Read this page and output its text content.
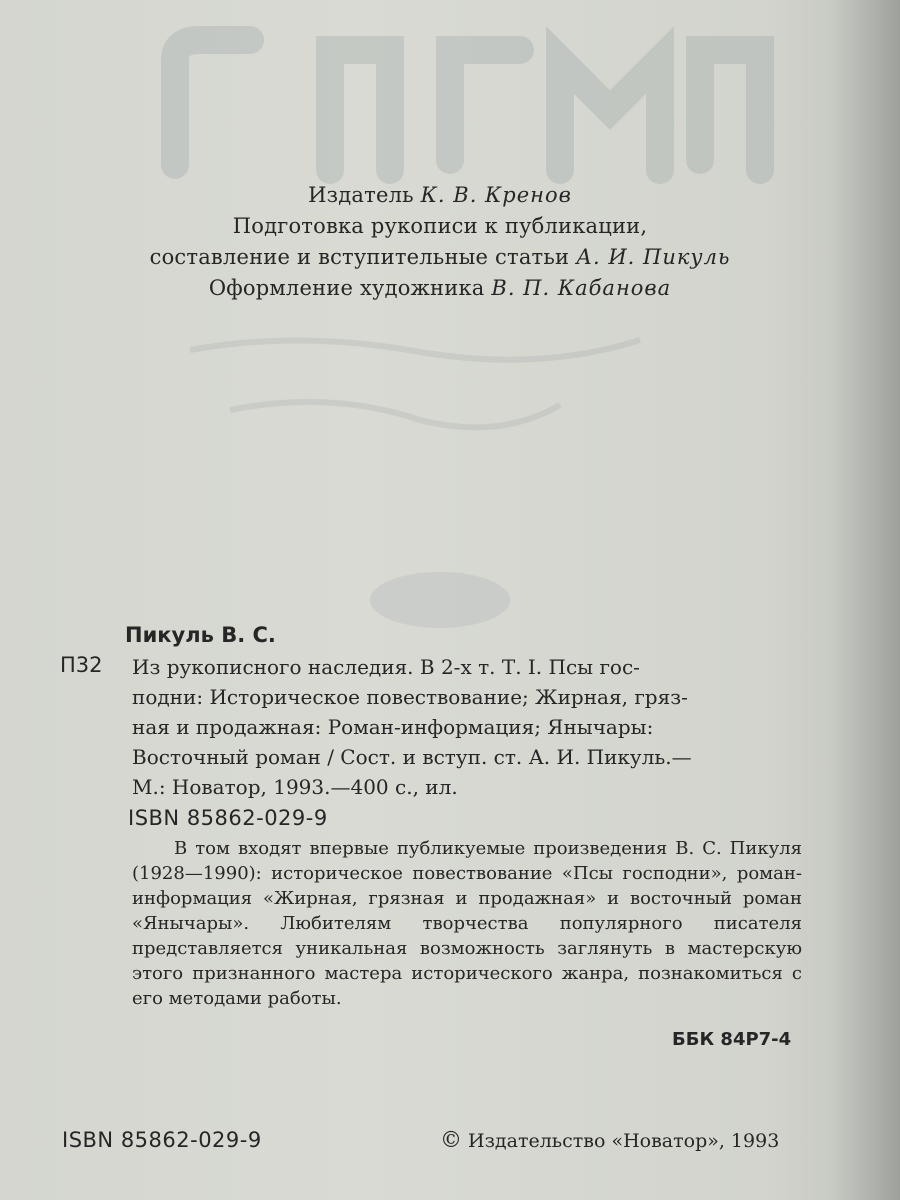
Издатель К. В. Кренов
Подготовка рукописи к публикации,
составление и вступительные статьи А. И. Пикуль
Оформление художника В. П. Кабанова
Пикуль В. С.
П32 Из рукописного наследия. В 2-х т. Т. I. Псы гос-
подни: Историческое повествование; Жирная, гряз-
ная и продажная: Роман-информация; Янычары:
Восточный роман / Сост. и вступ. ст. А. И. Пикуль.—
М.: Новатор, 1993.—400 с., ил.
ISBN 85862-029-9
В том входят впервые публикуемые произведения В. С. Пикуля (1928—1990): историческое повествование «Псы господни», роман-информация «Жирная, грязная и продажная» и восточный роман «Янычары». Любителям творчества популярного писателя представляется уникальная возможность заглянуть в мастерскую этого признанного мастера исторического жанра, познакомиться с его методами работы.
ББК 84Р7-4
ISBN 85862-029-9	© Издательство «Новатор», 1993
